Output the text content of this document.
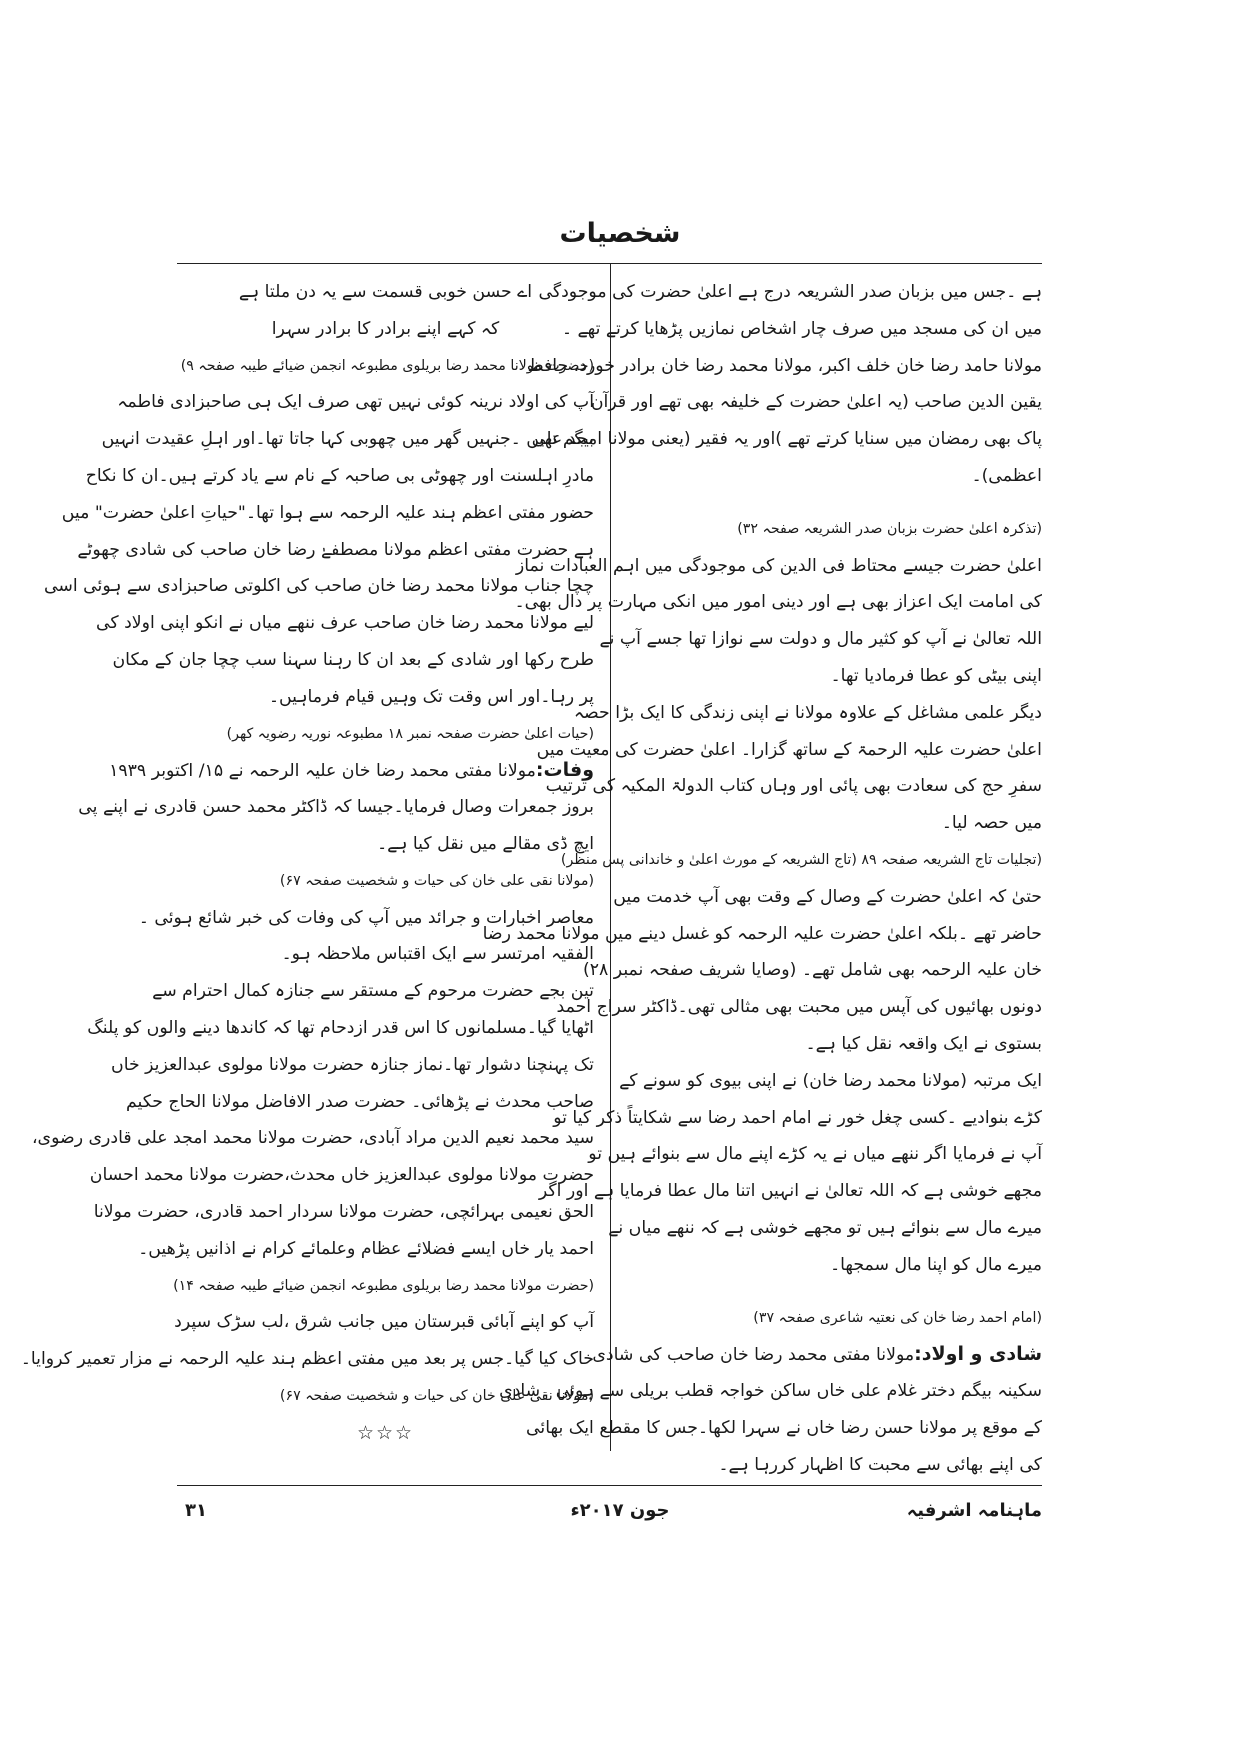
شخصیات
ہے ۔جس میں بزبان صدر الشریعہ درج ہے اعلیٰ حضرت کی موجودگی
میں ان کی مسجد میں صرف چار اشخاص نمازیں پڑھایا کرتے تھے ۔
مولانا حامد رضا خان خلف اکبر، مولانا محمد رضا خان برادر خورد، حافظ
یقین الدین صاحب (یہ اعلیٰ حضرت کے خلیفہ بھی تھے اور قرآن
پاک بھی رمضان میں سنایا کرتے تھے )اور یہ فقیر (یعنی مولانا امجد علی
اعظمی)۔
(تذکرہ اعلیٰ حضرت بزبان صدر الشریعہ صفحہ ۳۲)
اعلیٰ حضرت جیسے محتاط فی الدین کی موجودگی میں اہم العبادات نماز
کی امامت ایک اعزاز بھی ہے اور دینی امور میں انکی مہارت پر دال بھی۔
اللہ تعالیٰ نے آپ کو کثیر مال و دولت سے نوازا تھا جسے آپ نے
اپنی بیٹی کو عطا فرمادیا تھا۔
دیگر علمی مشاغل کے علاوہ مولانا نے اپنی زندگی کا ایک بڑا حصہ
اعلیٰ حضرت علیہ الرحمۃ کے ساتھ گزارا۔ اعلیٰ حضرت کی معیت میں
سفرِ حج کی سعادت بھی پائی اور وہاں کتاب الدولۃ المکیہ کی ترتیب
میں حصہ لیا۔
(تجلیات تاج الشریعہ صفحہ ۸۹ (تاج الشریعہ کے مورث اعلیٰ و خاندانی پس منظر)
حتیٰ کہ اعلیٰ حضرت کے وصال کے وقت بھی آپ خدمت میں
حاضر تھے ۔بلکہ اعلیٰ حضرت علیہ الرحمہ کو غسل دینے میں مولانا محمد رضا
خان علیہ الرحمہ بھی شامل تھے۔ (وصایا شریف صفحہ نمبر ۲۸)
دونوں بھائیوں کی آپس میں محبت بھی مثالی تھی۔ڈاکٹر سراج احمد
بستوی نے ایک واقعہ نقل کیا ہے۔
ایک مرتبہ (مولانا محمد رضا خان) نے اپنی بیوی کو سونے کے
کڑے بنوادیے ۔کسی چغل خور نے امام احمد رضا سے شکایتاً ذکر کیا تو
آپ نے فرمایا اگر ننھے میاں نے یہ کڑے اپنے مال سے بنوائے ہیں تو
مجھے خوشی ہے کہ اللہ تعالیٰ نے انہیں اتنا مال عطا فرمایا ہے اور اگر
میرے مال سے بنوائے ہیں تو مجھے خوشی ہے کہ ننھے میاں نے
میرے مال کو اپنا مال سمجھا۔
(امام احمد رضا خان کی نعتیہ شاعری صفحہ ۳۷)
شادی و اولاد:مولانا مفتی محمد رضا خان صاحب کی شادی
سکینہ بیگم دختر غلام علی خاں ساکن خواجہ قطب بریلی سے ہوئی ۔شادی
کے موقع پر مولانا حسن رضا خاں نے سہرا لکھا۔جس کا مقطع ایک بھائی
کی اپنے بھائی سے محبت کا اظہار کررہا ہے۔
اے حسن خوبی قسمت سے یہ دن ملتا ہے
کہ کہے اپنے برادر کا برادر سہرا
(حضرت مولانا محمد رضا بریلوی مطبوعہ انجمن ضیائے طیبہ صفحہ ۹)
آپ کی اولاد نرینہ کوئی نہیں تھی صرف ایک ہی صاحبزادی فاطمہ
بیگم تھیں ۔جنہیں گھر میں چھوبی کہا جاتا تھا۔اور اہلِ عقیدت انہیں
مادرِ اہلسنت اور چھوٹی بی صاحبہ کے نام سے یاد کرتے ہیں۔ان کا نکاح
حضور مفتی اعظم ہند علیہ الرحمہ سے ہوا تھا۔"حیاتِ اعلیٰ حضرت" میں
ہے حضرت مفتی اعظم مولانا مصطفےٰ رضا خان صاحب کی شادی چھوٹے
چچا جناب مولانا محمد رضا خان صاحب کی اکلوتی صاحبزادی سے ہوئی اسی
لیے مولانا محمد رضا خان صاحب عرف ننھے میاں نے انکو اپنی اولاد کی
طرح رکھا اور شادی کے بعد ان کا رہنا سہنا سب چچا جان کے مکان
پر رہا۔اور اس وقت تک وہیں قیام فرماہیں۔
(حیات اعلیٰ حضرت صفحہ نمبر ۱۸ مطبوعہ نوریہ رضویہ کھر)
وفات:مولانا مفتی محمد رضا خان علیہ الرحمہ نے ۱۵/ اکتوبر ۱۹۳۹
بروز جمعرات وصال فرمایا۔جیسا کہ ڈاکٹر محمد حسن قادری نے اپنے پی
ایچ ڈی مقالے میں نقل کیا ہے۔
(مولانا نقی علی خان کی حیات و شخصیت صفحہ ۶۷)
معاصر اخبارات و جرائد میں آپ کی وفات کی خبر شائع ہوئی ۔
الفقیہ امرتسر سے ایک اقتباس ملاحظہ ہو۔
تین بجے حضرت مرحوم کے مستقر سے جنازہ کمال احترام سے
اٹھایا گیا۔مسلمانوں کا اس قدر ازدحام تھا کہ کاندھا دینے والوں کو پلنگ
تک پہنچنا دشوار تھا۔نماز جنازہ حضرت مولانا مولوی عبدالعزیز خاں
صاحب محدث نے پڑھائی۔ حضرت صدر الافاضل مولانا الحاج حکیم
سید محمد نعیم الدین مراد آبادی، حضرت مولانا محمد امجد علی قادری رضوی،
حضرت مولانا مولوی عبدالعزیز خاں محدث،حضرت مولانا محمد احسان
الحق نعیمی بہرائچی، حضرت مولانا سردار احمد قادری، حضرت مولانا
احمد یار خاں ایسے فضلائے عظام وعلمائے کرام نے اذانیں پڑھیں۔
(حضرت مولانا محمد رضا بریلوی مطبوعہ انجمن ضیائے طیبہ صفحہ ۱۴)
آپ کو اپنے آبائی قبرستان میں جانب شرق ،لب سڑک سپرد
خاک کیا گیا۔جس پر بعد میں مفتی اعظم ہند علیہ الرحمہ نے مزار تعمیر کروایا۔
(مولانا نقی علی خان کی حیات و شخصیت صفحہ ۶۷)
☆☆☆
ماہنامہ اشرفیہ
جون ۲۰۱۷ء
۳۱
